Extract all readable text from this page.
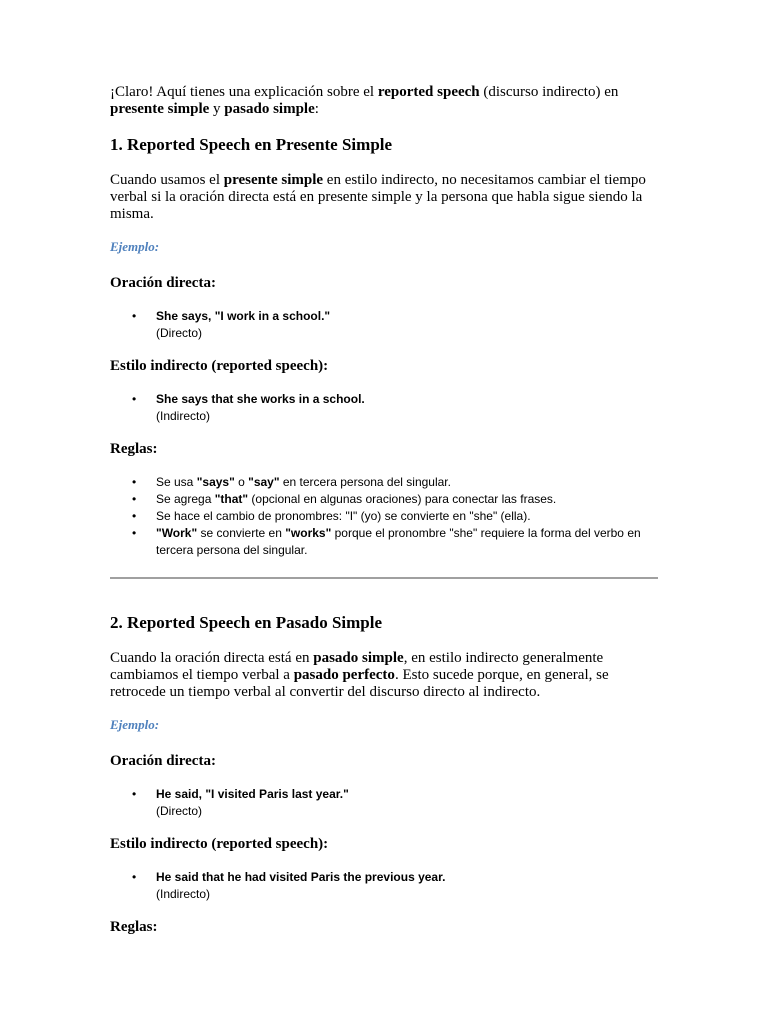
¡Claro! Aquí tienes una explicación sobre el reported speech (discurso indirecto) en presente simple y pasado simple:

1. Reported Speech en Presente Simple

Cuando usamos el presente simple en estilo indirecto, no necesitamos cambiar el tiempo verbal si la oración directa está en presente simple y la persona que habla sigue siendo la misma.

Ejemplo:

Oración directa:

• She says, "I work in a school."
(Directo)

Estilo indirecto (reported speech):

• She says that she works in a school.
(Indirecto)

Reglas:

• Se usa "says" o "say" en tercera persona del singular.
• Se agrega "that" (opcional en algunas oraciones) para conectar las frases.
• Se hace el cambio de pronombres: "I" (yo) se convierte en "she" (ella).
• "Work" se convierte en "works" porque el pronombre "she" requiere la forma del verbo en tercera persona del singular.
2. Reported Speech en Pasado Simple

Cuando la oración directa está en pasado simple, en estilo indirecto generalmente cambiamos el tiempo verbal a pasado perfecto. Esto sucede porque, en general, se retrocede un tiempo verbal al convertir del discurso directo al indirecto.

Ejemplo:

Oración directa:

• He said, "I visited Paris last year."
(Directo)

Estilo indirecto (reported speech):

• He said that he had visited Paris the previous year.
(Indirecto)

Reglas:
